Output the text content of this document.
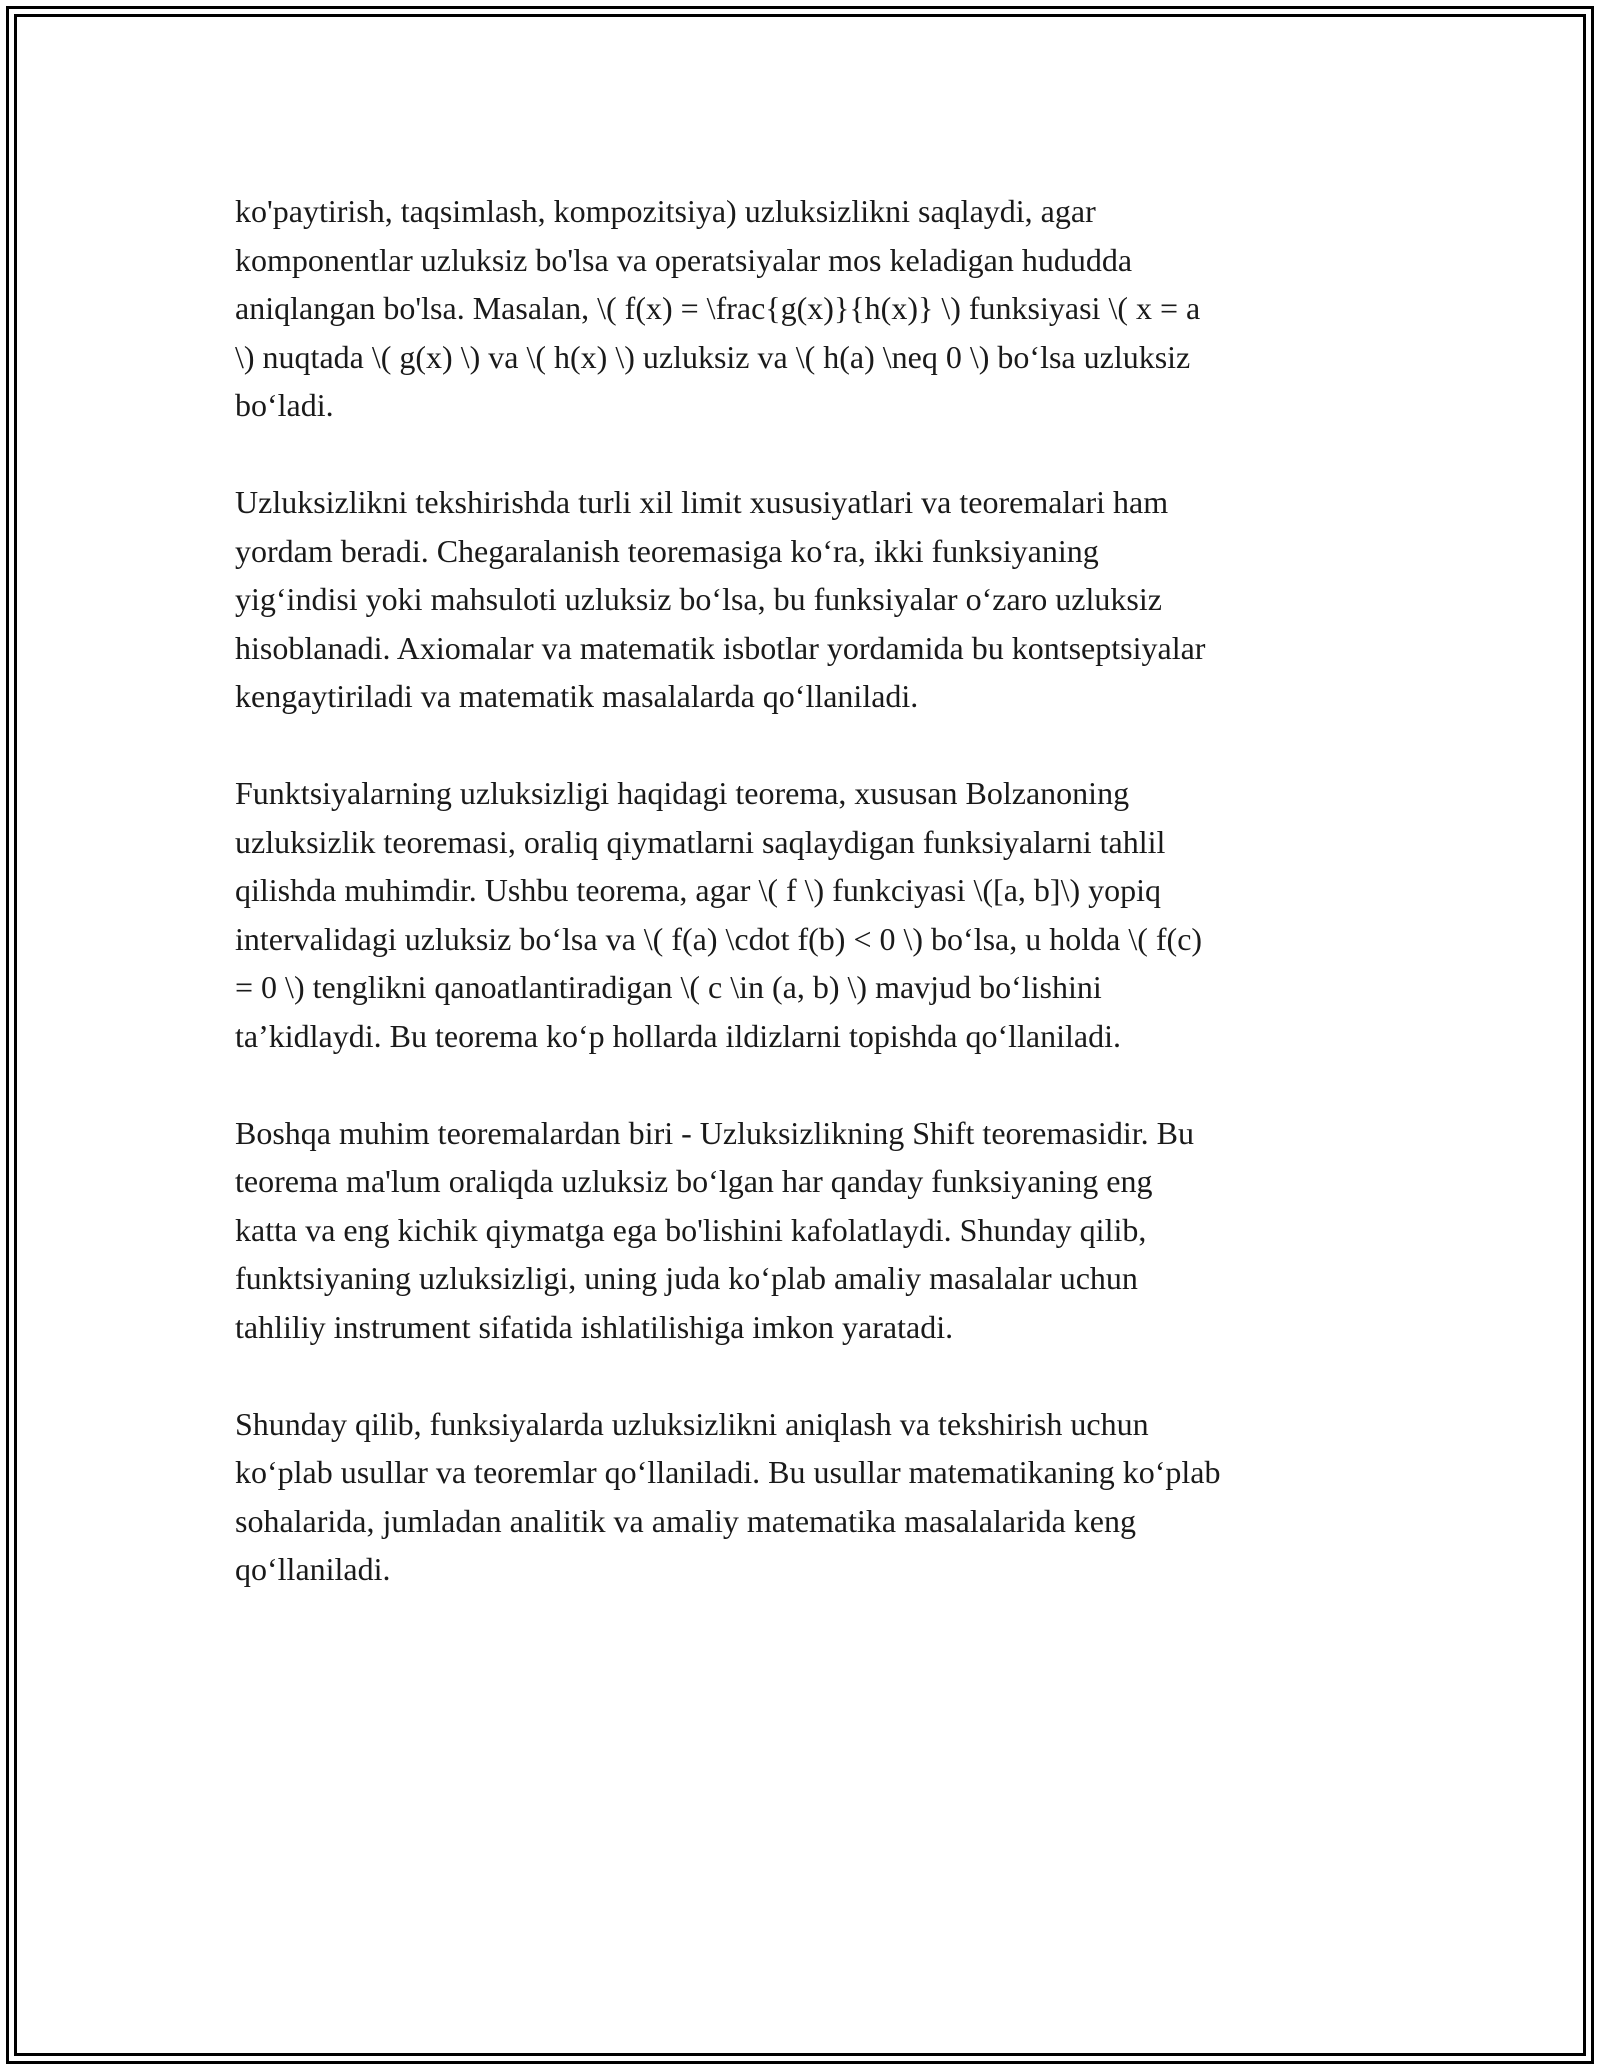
ko'paytirish, taqsimlash, kompozitsiya) uzluksizlikni saqlaydi, agar
komponentlar uzluksiz bo'lsa va operatsiyalar mos keladigan hududda
aniqlangan bo'lsa. Masalan, \( f(x) = \frac{g(x)}{h(x)} \) funksiyasi \( x = a
\) nuqtada \( g(x) \) va \( h(x) \) uzluksiz va \( h(a) \neq 0 \) bo‘lsa uzluksiz
bo‘ladi.

Uzluksizlikni tekshirishda turli xil limit xususiyatlari va teoremalari ham
yordam beradi. Chegaralanish teoremasiga ko‘ra, ikki funksiyaning
yig‘indisi yoki mahsuloti uzluksiz bo‘lsa, bu funksiyalar o‘zaro uzluksiz
hisoblanadi. Axiomalar va matematik isbotlar yordamida bu kontseptsiyalar
kengaytiriladi va matematik masalalarda qo‘llaniladi.

Funktsiyalarning uzluksizligi haqidagi teorema, xususan Bolzanoning
uzluksizlik teoremasi, oraliq qiymatlarni saqlaydigan funksiyalarni tahlil
qilishda muhimdir. Ushbu teorema, agar \( f \) funkciyasi \([a, b]\) yopiq
intervalidagi uzluksiz bo‘lsa va \( f(a) \cdot f(b) < 0 \) bo‘lsa, u holda \( f(c)
= 0 \) tenglikni qanoatlantiradigan \( c \in (a, b) \) mavjud bo‘lishini
ta’kidlaydi. Bu teorema ko‘p hollarda ildizlarni topishda qo‘llaniladi.

Boshqa muhim teoremalardan biri - Uzluksizlikning Shift teoremasidir. Bu
teorema ma'lum oraliqda uzluksiz bo‘lgan har qanday funksiyaning eng
katta va eng kichik qiymatga ega bo'lishini kafolatlaydi. Shunday qilib,
funktsiyaning uzluksizligi, uning juda ko‘plab amaliy masalalar uchun
tahliliy instrument sifatida ishlatilishiga imkon yaratadi.

Shunday qilib, funksiyalarda uzluksizlikni aniqlash va tekshirish uchun
ko‘plab usullar va teoremlar qo‘llaniladi. Bu usullar matematikaning ko‘plab
sohalarida, jumladan analitik va amaliy matematika masalalarida keng
qo‘llaniladi.
